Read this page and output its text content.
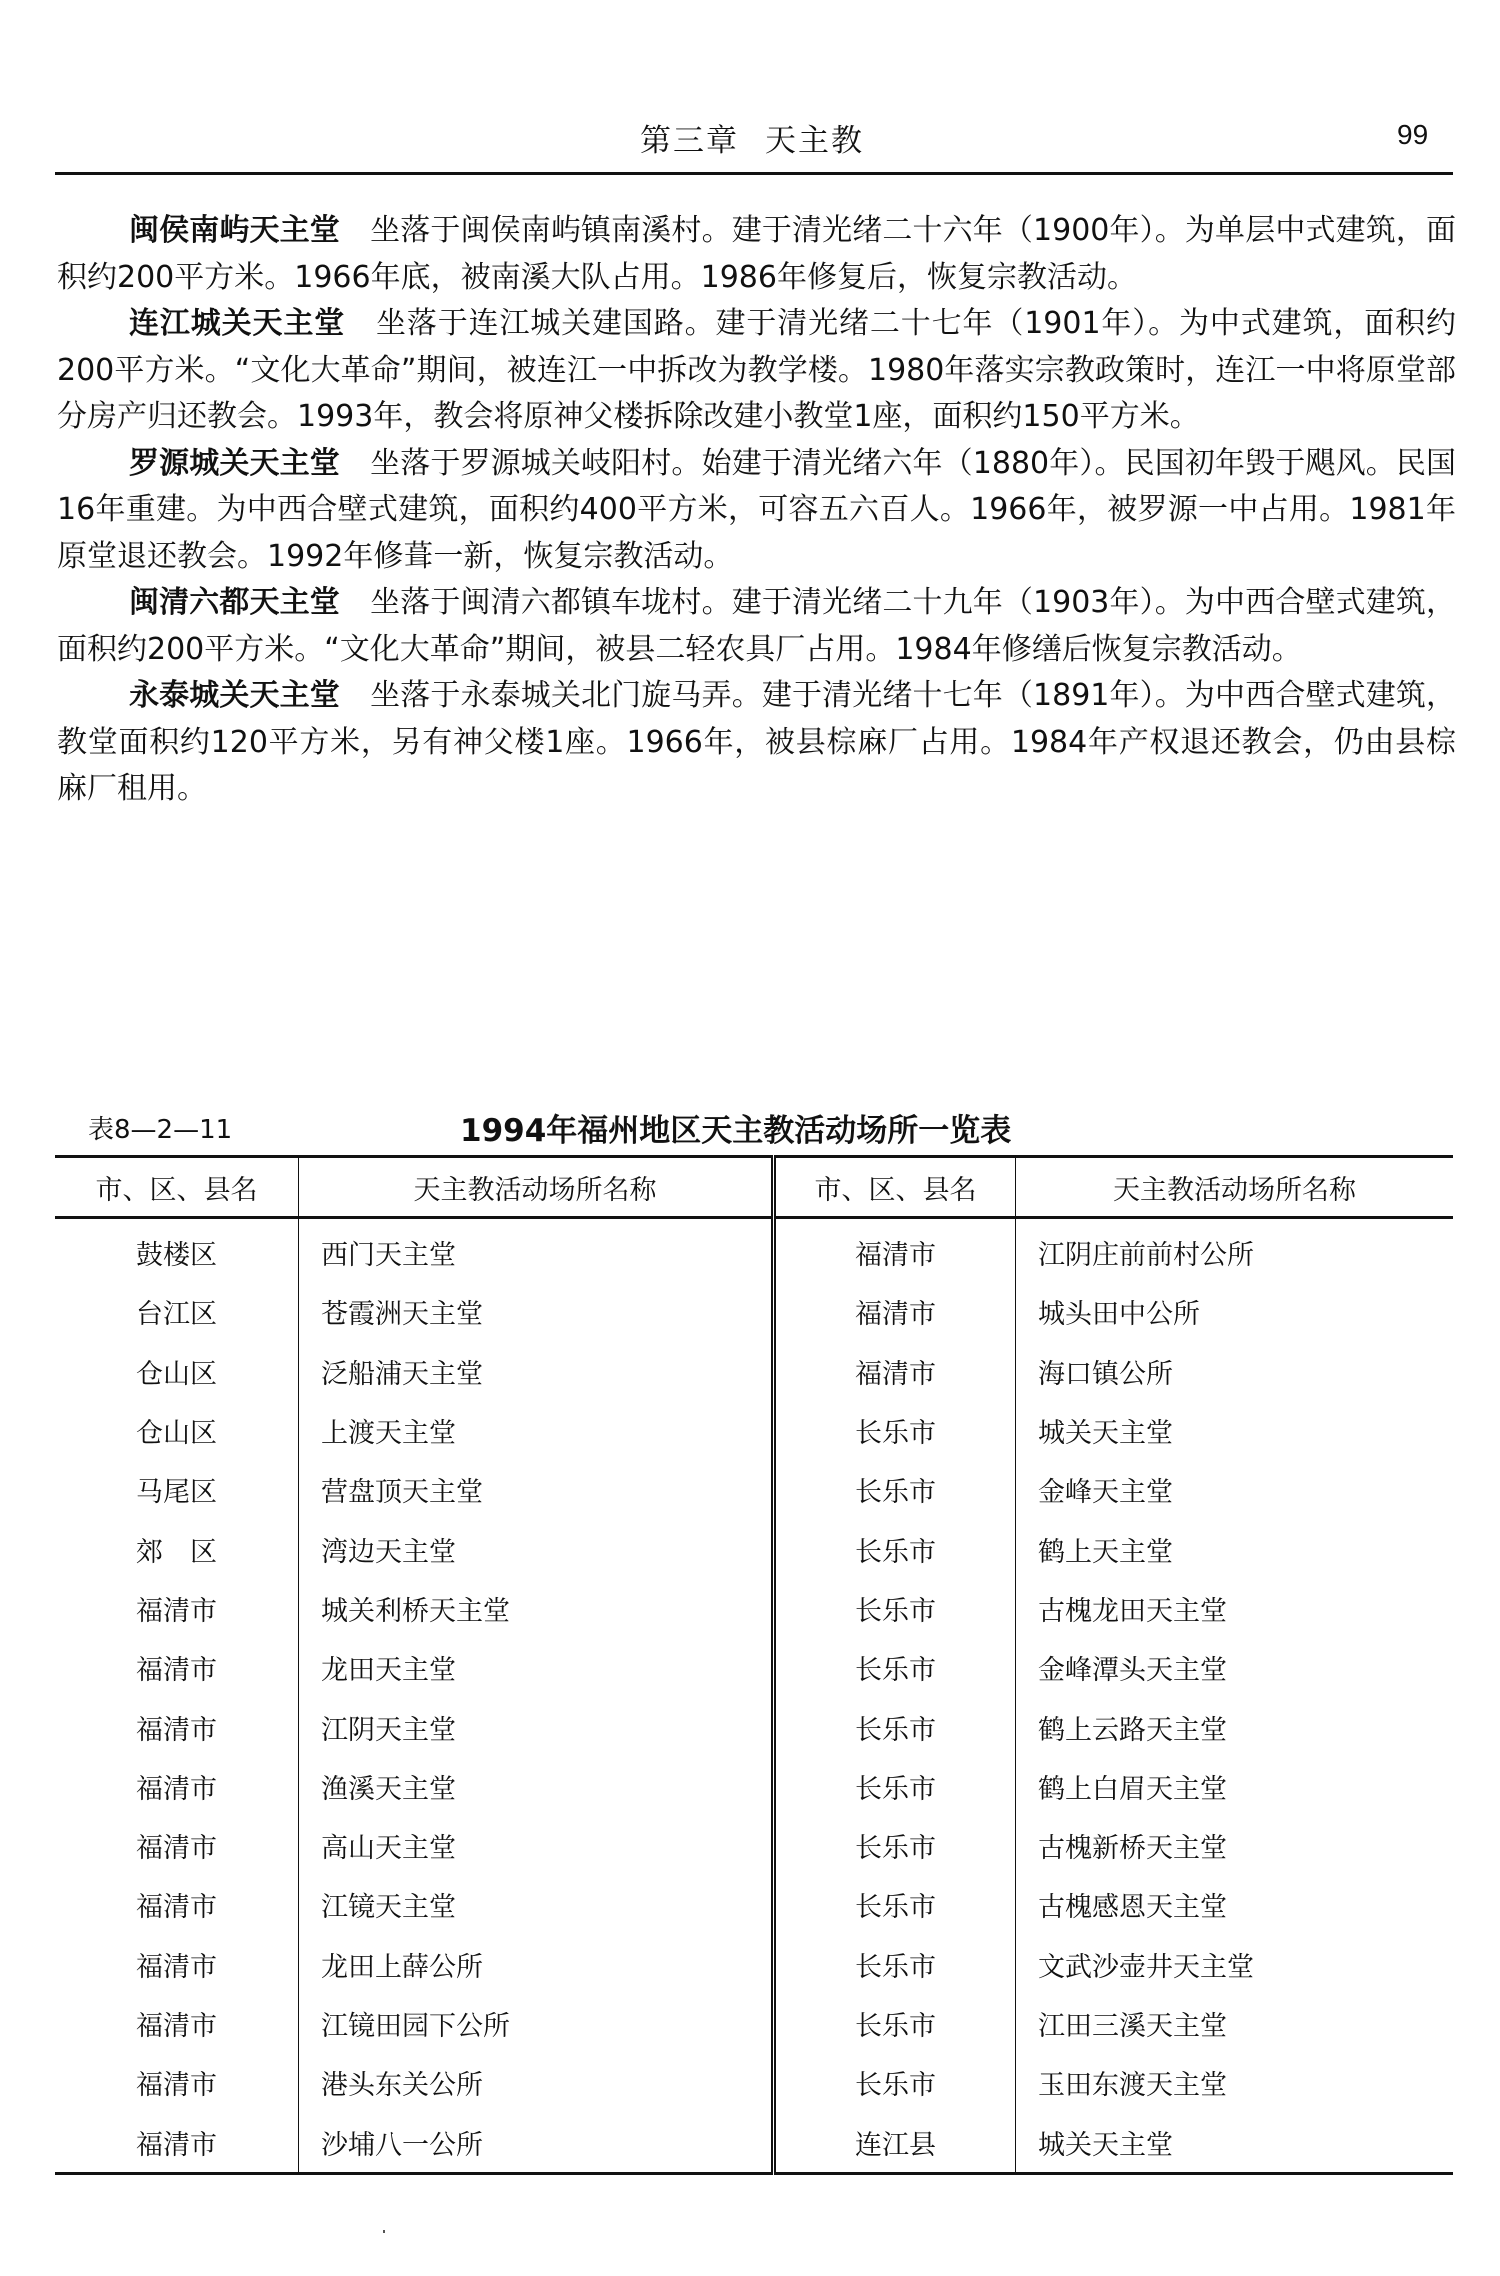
第三章 天主教	99

闽侯南屿天主堂 坐落于闽侯南屿镇南溪村。建于清光绪二十六年（1900年）。为单层中式建筑，面积约200平方米。1966年底，被南溪大队占用。1986年修复后，恢复宗教活动。

连江城关天主堂 坐落于连江城关建国路。建于清光绪二十七年（1901年）。为中式建筑，面积约200平方米。“文化大革命”期间，被连江一中拆改为教学楼。1980年落实宗教政策时，连江一中将原堂部分房产归还教会。1993年，教会将原神父楼拆除改建小教堂1座，面积约150平方米。

罗源城关天主堂 坐落于罗源城关岐阳村。始建于清光绪六年（1880年）。民国初年毁于飓风。民国16年重建。为中西合壁式建筑，面积约400平方米，可容五六百人。1966年，被罗源一中占用。1981年原堂退还教会。1992年修葺一新，恢复宗教活动。

闽清六都天主堂 坐落于闽清六都镇车垅村。建于清光绪二十九年（1903年）。为中西合壁式建筑，面积约200平方米。“文化大革命”期间，被县二轻农具厂占用。1984年修缮后恢复宗教活动。

永泰城关天主堂 坐落于永泰城关北门旋马弄。建于清光绪十七年（1891年）。为中西合壁式建筑，教堂面积约120平方米，另有神父楼1座。1966年，被县棕麻厂占用。1984年产权退还教会，仍由县棕麻厂租用。

表8—2—11	1994年福州地区天主教活动场所一览表
市、区、县名	天主教活动场所名称	市、区、县名	天主教活动场所名称
鼓楼区	西门天主堂	福清市	江阴庄前前村公所
台江区	苍霞洲天主堂	福清市	城头田中公所
仓山区	泛船浦天主堂	福清市	海口镇公所
仓山区	上渡天主堂	长乐市	城关天主堂
马尾区	营盘顶天主堂	长乐市	金峰天主堂
郊　区	湾边天主堂	长乐市	鹤上天主堂
福清市	城关利桥天主堂	长乐市	古槐龙田天主堂
福清市	龙田天主堂	长乐市	金峰潭头天主堂
福清市	江阴天主堂	长乐市	鹤上云路天主堂
福清市	渔溪天主堂	长乐市	鹤上白眉天主堂
福清市	高山天主堂	长乐市	古槐新桥天主堂
福清市	江镜天主堂	长乐市	古槐感恩天主堂
福清市	龙田上薛公所	长乐市	文武沙壶井天主堂
福清市	江镜田园下公所	长乐市	江田三溪天主堂
福清市	港头东关公所	长乐市	玉田东渡天主堂
福清市	沙埔八一公所	连江县	城关天主堂
